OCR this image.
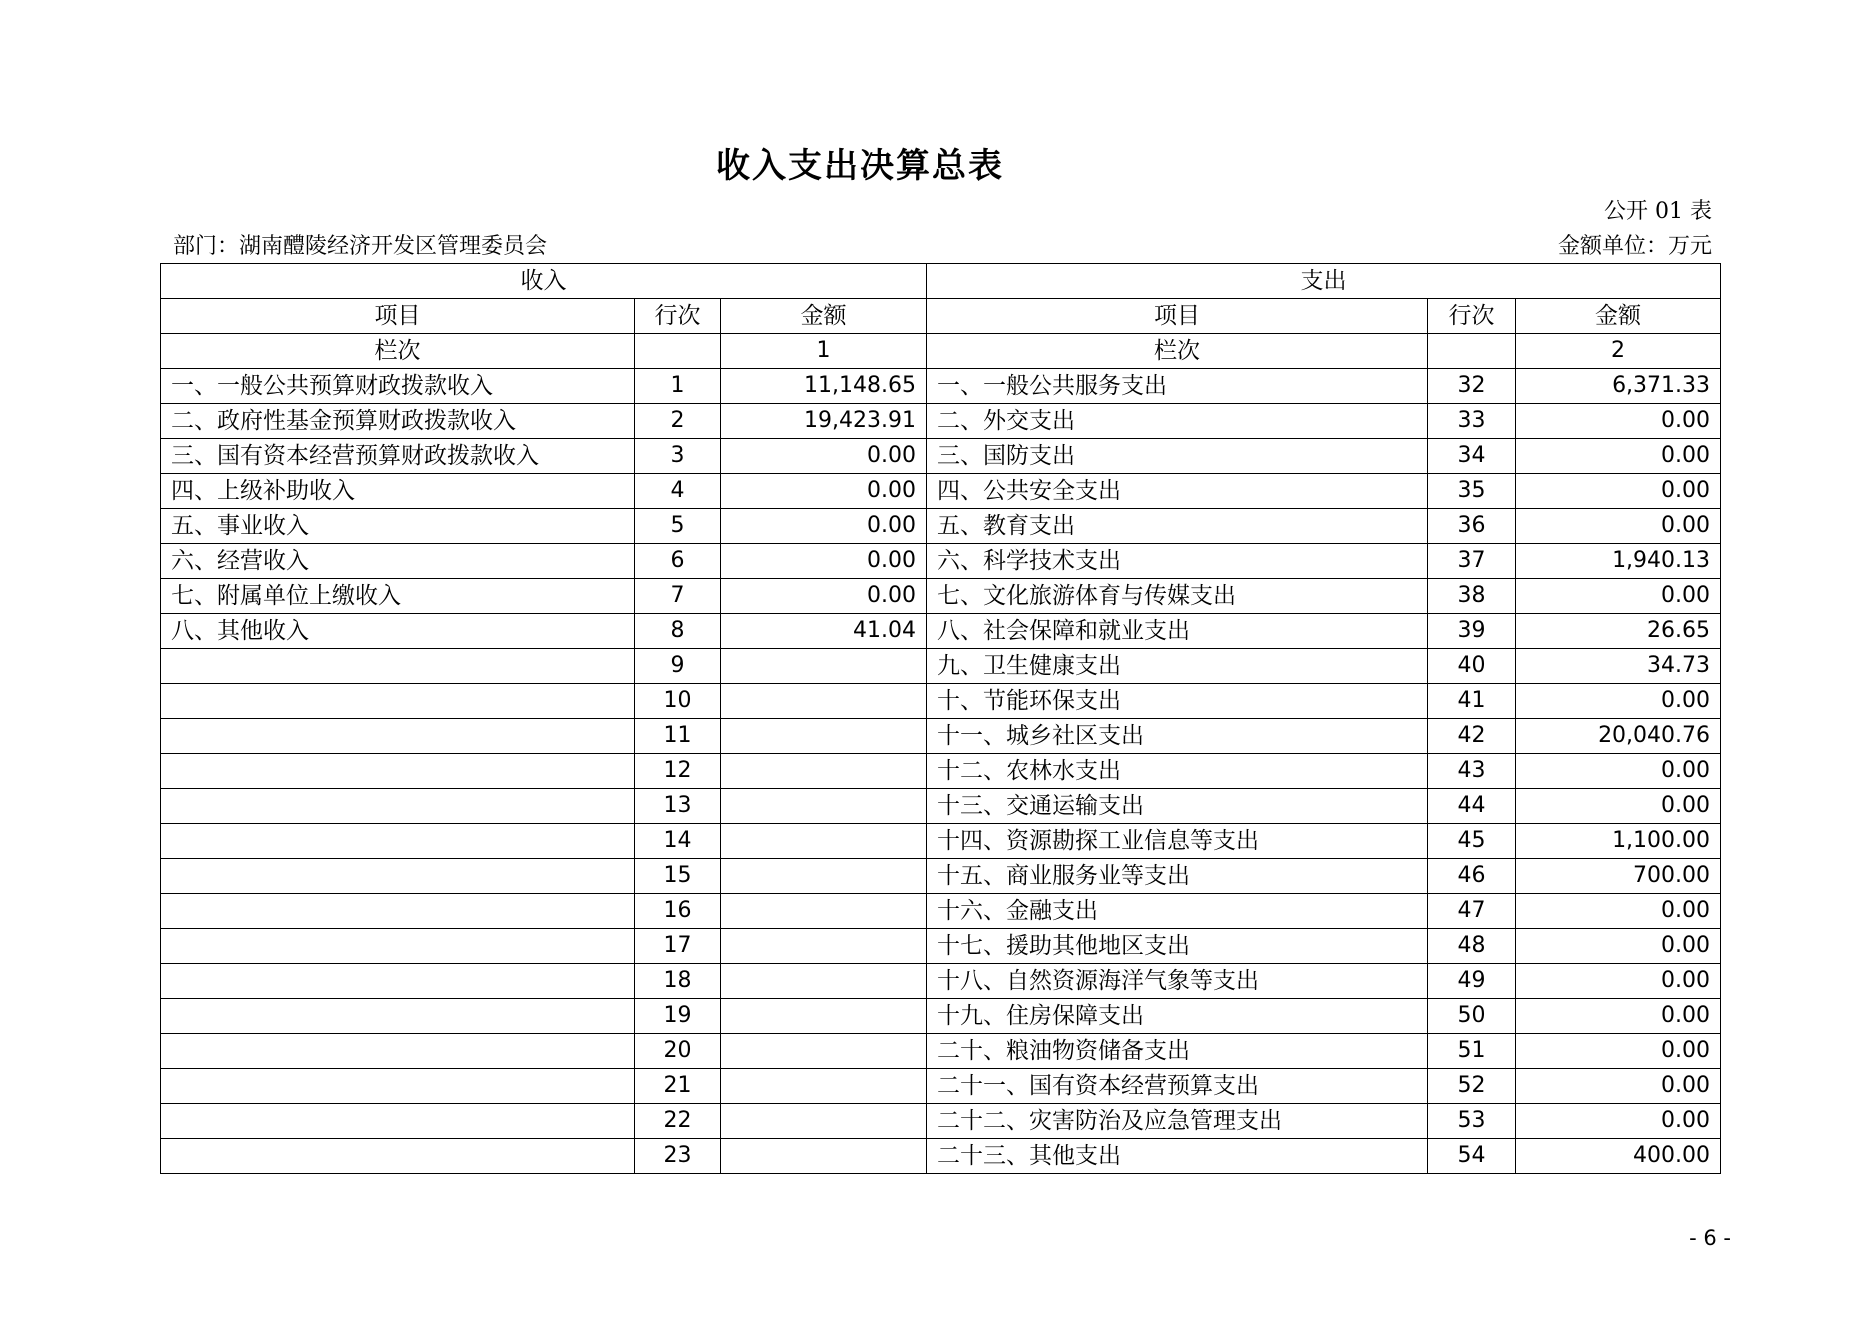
收入支出决算总表
公开 01 表
部门：湖南醴陵经济开发区管理委员会	金额单位：万元
收入			支出		
项目	行次	金额	项目	行次	金额
栏次		1	栏次		2
一、一般公共预算财政拨款收入	1	11,148.65	一、一般公共服务支出	32	6,371.33
二、政府性基金预算财政拨款收入	2	19,423.91	二、外交支出	33	0.00
三、国有资本经营预算财政拨款收入	3	0.00	三、国防支出	34	0.00
四、上级补助收入	4	0.00	四、公共安全支出	35	0.00
五、事业收入	5	0.00	五、教育支出	36	0.00
六、经营收入	6	0.00	六、科学技术支出	37	1,940.13
七、附属单位上缴收入	7	0.00	七、文化旅游体育与传媒支出	38	0.00
八、其他收入	8	41.04	八、社会保障和就业支出	39	26.65
	9		九、卫生健康支出	40	34.73
	10		十、节能环保支出	41	0.00
	11		十一、城乡社区支出	42	20,040.76
	12		十二、农林水支出	43	0.00
	13		十三、交通运输支出	44	0.00
	14		十四、资源勘探工业信息等支出	45	1,100.00
	15		十五、商业服务业等支出	46	700.00
	16		十六、金融支出	47	0.00
	17		十七、援助其他地区支出	48	0.00
	18		十八、自然资源海洋气象等支出	49	0.00
	19		十九、住房保障支出	50	0.00
	20		二十、粮油物资储备支出	51	0.00
	21		二十一、国有资本经营预算支出	52	0.00
	22		二十二、灾害防治及应急管理支出	53	0.00
	23		二十三、其他支出	54	400.00
- 6 -
